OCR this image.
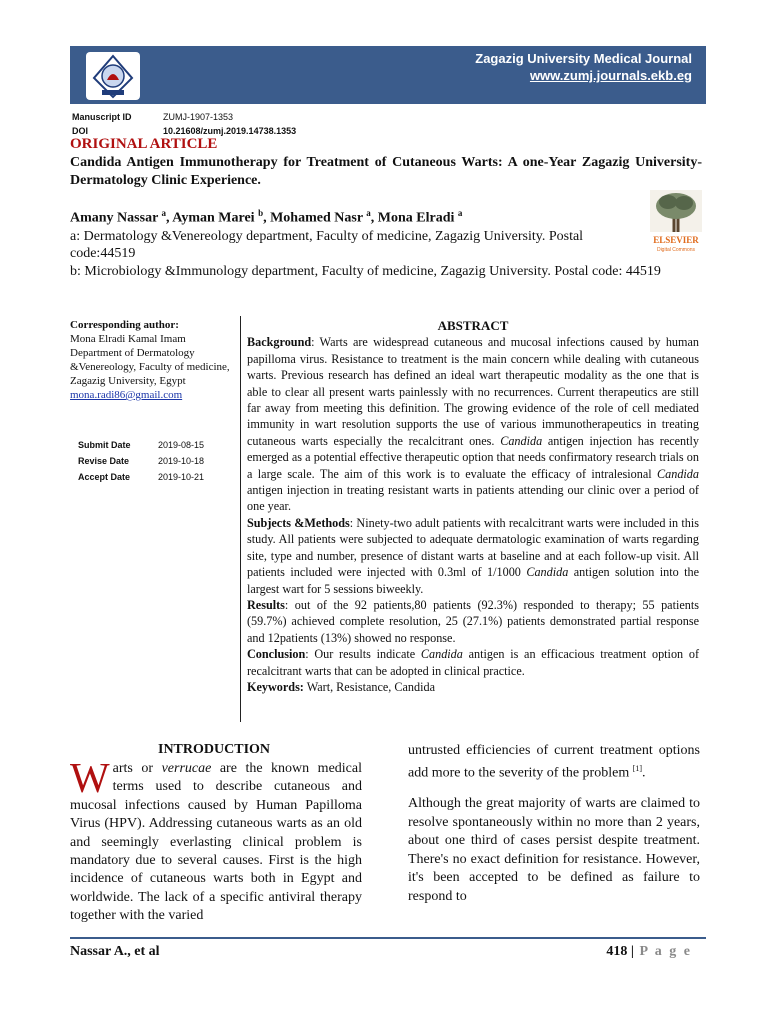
Zagazig University Medical Journal
www.zumj.journals.ekb.eg
Manuscript ID	ZUMJ-1907-1353
DOI	10.21608/zumj.2019.14738.1353
ORIGINAL ARTICLE
Candida Antigen Immunotherapy for Treatment of Cutaneous Warts: A one-Year Zagazig University-Dermatology Clinic Experience.
Amany Nassar $^a$, Ayman Marei $^b$, Mohamed Nasr $^a$, Mona Elradi $^a$
a: Dermatology &Venereology department, Faculty of medicine, Zagazig University. Postal code:44519
b: Microbiology &Immunology department, Faculty of medicine, Zagazig University. Postal code: 44519
ELSEVIER
Digital Commons
Corresponding author:
Mona Elradi Kamal Imam
Department of Dermatology &Venereology, Faculty of medicine, Zagazig University, Egypt
mona.radi86@gmail.com
Submit Date	2019-08-15
Revise Date	2019-10-18
Accept Date	2019-10-21
ABSTRACT

Background: Warts are widespread cutaneous and mucosal infections caused by human papilloma virus. Resistance to treatment is the main concern while dealing with cutaneous warts. Previous research has defined an ideal wart therapeutic modality as the one that is able to clear all present warts painlessly with no recurrences. Current therapeutics are still far away from meeting this definition. The growing evidence of the role of cell mediated immunity in wart resolution supports the use of various immunotherapeutics in treating cutaneous warts especially the recalcitrant ones. Candida antigen injection has recently emerged as a potential effective therapeutic option that needs confirmatory research trials on a large scale. The aim of this work is to evaluate the efficacy of intralesional Candida antigen injection in treating resistant warts in patients attending our clinic over a period of one year.

Subjects &Methods: Ninety-two adult patients with recalcitrant warts were included in this study. All patients were subjected to adequate dermatologic examination of warts regarding site, type and number, presence of distant warts at baseline and at each follow-up visit. All patients included were injected with 0.3ml of 1/1000 Candida antigen solution into the largest wart for 5 sessions biweekly.

Results: out of the 92 patients,80 patients (92.3%) responded to therapy; 55 patients (59.7%) achieved complete resolution, 25 (27.1%) patients demonstrated partial response and 12patients (13%) showed no response.

Conclusion: Our results indicate Candida antigen is an efficacious treatment option of recalcitrant warts that can be adopted in clinical practice.

Keywords: Wart, Resistance, Candida

INTRODUCTION
Warts or verrucae are the known medical terms used to describe cutaneous and mucosal infections caused by Human Papilloma Virus (HPV). Addressing cutaneous warts as an old and seemingly everlasting clinical problem is mandatory due to several causes. First is the high incidence of cutaneous warts both in Egypt and worldwide. The lack of a specific antiviral therapy together with the varied

untrusted efficiencies of current treatment options add more to the severity of the problem [1].

Although the great majority of warts are claimed to resolve spontaneously within no more than 2 years, about one third of cases persist despite treatment. There's no exact definition for resistance. However, it's been accepted to be defined as failure to respond to

Nassar A., et al	418 | P a g e
